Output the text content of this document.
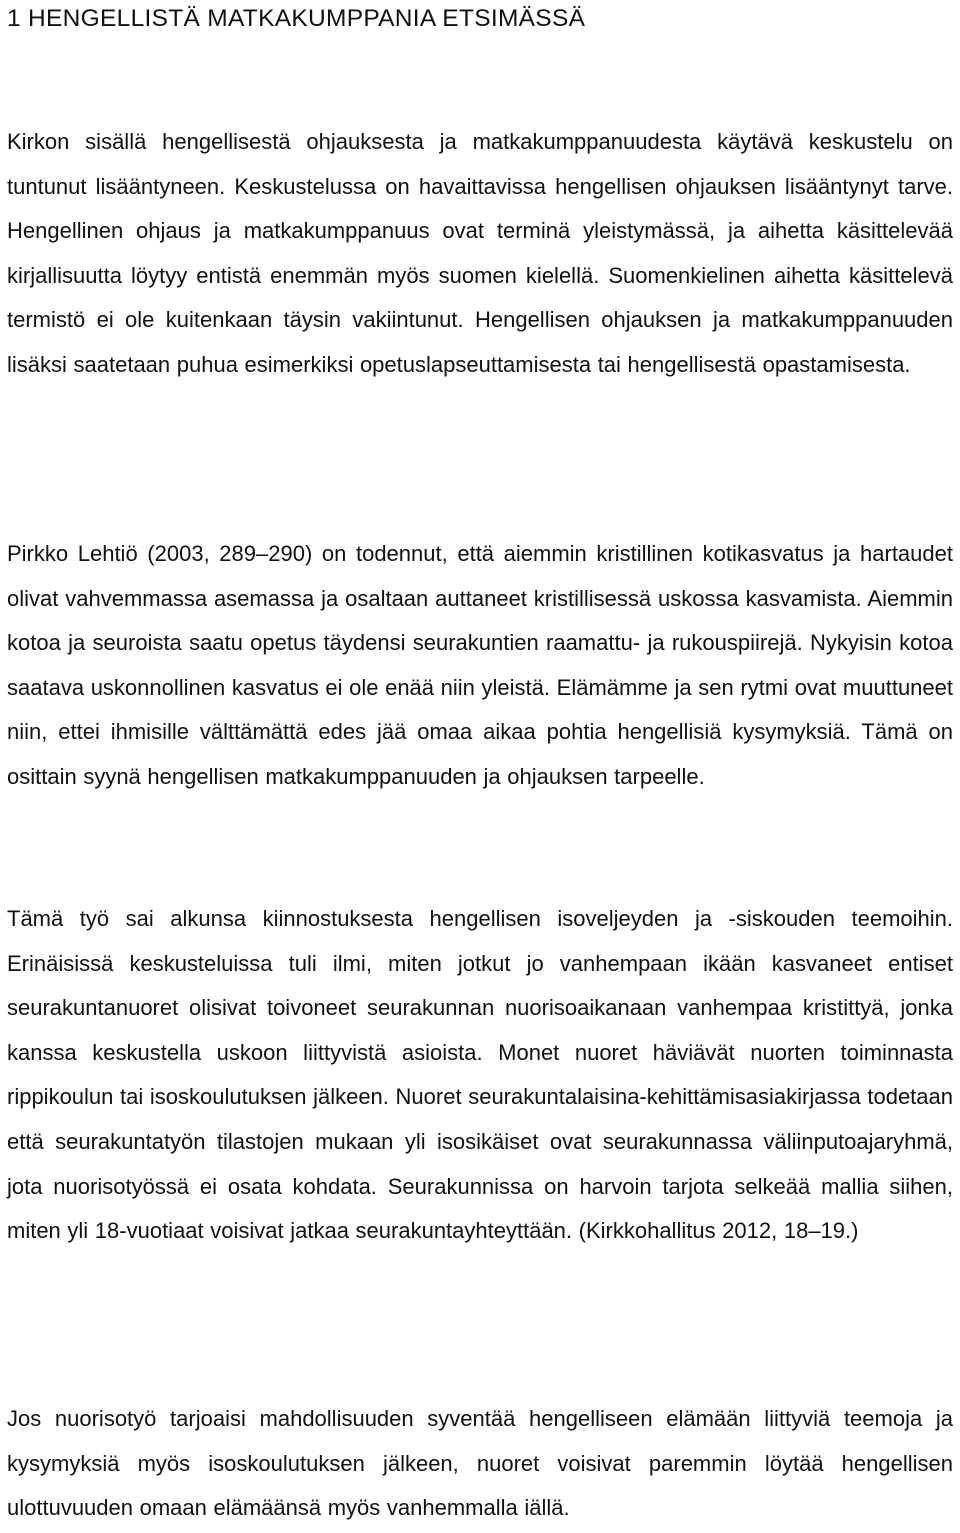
1 HENGELLISTÄ MATKAKUMPPANIA ETSIMÄSSÄ

Kirkon sisällä hengellisestä ohjauksesta ja matkakumppanuudesta käytävä keskustelu on tuntunut lisääntyneen. Keskustelussa on havaittavissa hengellisen ohjauksen lisääntynyt tarve. Hengellinen ohjaus ja matkakumppanuus ovat terminä yleistymässä, ja aihetta käsittelevää kirjallisuutta löytyy entistä enemmän myös suomen kielellä. Suomenkielinen aihetta käsittelevä termistö ei ole kuitenkaan täysin vakiintunut. Hengellisen ohjauksen ja matkakumppanuuden lisäksi saatetaan puhua esimerkiksi opetuslapseuttamisesta tai hengellisestä opastamisesta.

Pirkko Lehtiö (2003, 289–290) on todennut, että aiemmin kristillinen kotikasvatus ja hartaudet olivat vahvemmassa asemassa ja osaltaan auttaneet kristillisessä uskossa kasvamista. Aiemmin kotoa ja seuroista saatu opetus täydensi seurakuntien raamattu- ja rukouspiirejä. Nykyisin kotoa saatava uskonnollinen kasvatus ei ole enää niin yleistä. Elämämme ja sen rytmi ovat muuttuneet niin, ettei ihmisille välttämättä edes jää omaa aikaa pohtia hengellisiä kysymyksiä. Tämä on osittain syynä hengellisen matkakumppanuuden ja ohjauksen tarpeelle.

Tämä työ sai alkunsa kiinnostuksesta hengellisen isoveljeyden ja -siskouden teemoihin. Erinäisissä keskusteluissa tuli ilmi, miten jotkut jo vanhempaan ikään kasvaneet entiset seurakuntanuoret olisivat toivoneet seurakunnan nuorisoaikanaan vanhempaa kristittyä, jonka kanssa keskustella uskoon liittyvistä asioista. Monet nuoret häviävät nuorten toiminnasta rippikoulun tai isoskoulutuksen jälkeen. Nuoret seurakuntalaisina-kehittämisasiakirjassa todetaan että seurakuntatyön tilastojen mukaan yli isosikäiset ovat seurakunnassa väliinputoajaryhmä, jota nuorisotyössä ei osata kohdata. Seurakunnissa on harvoin tarjota selkeää mallia siihen, miten yli 18-vuotiaat voisivat jatkaa seurakuntayhteyttään. (Kirkkohallitus 2012, 18–19.)

Jos nuorisotyö tarjoaisi mahdollisuuden syventää hengelliseen elämään liittyviä teemoja ja kysymyksiä myös isoskoulutuksen jälkeen, nuoret voisivat paremmin löytää hengellisen ulottuvuuden omaan elämäänsä myös vanhemmalla iällä.
